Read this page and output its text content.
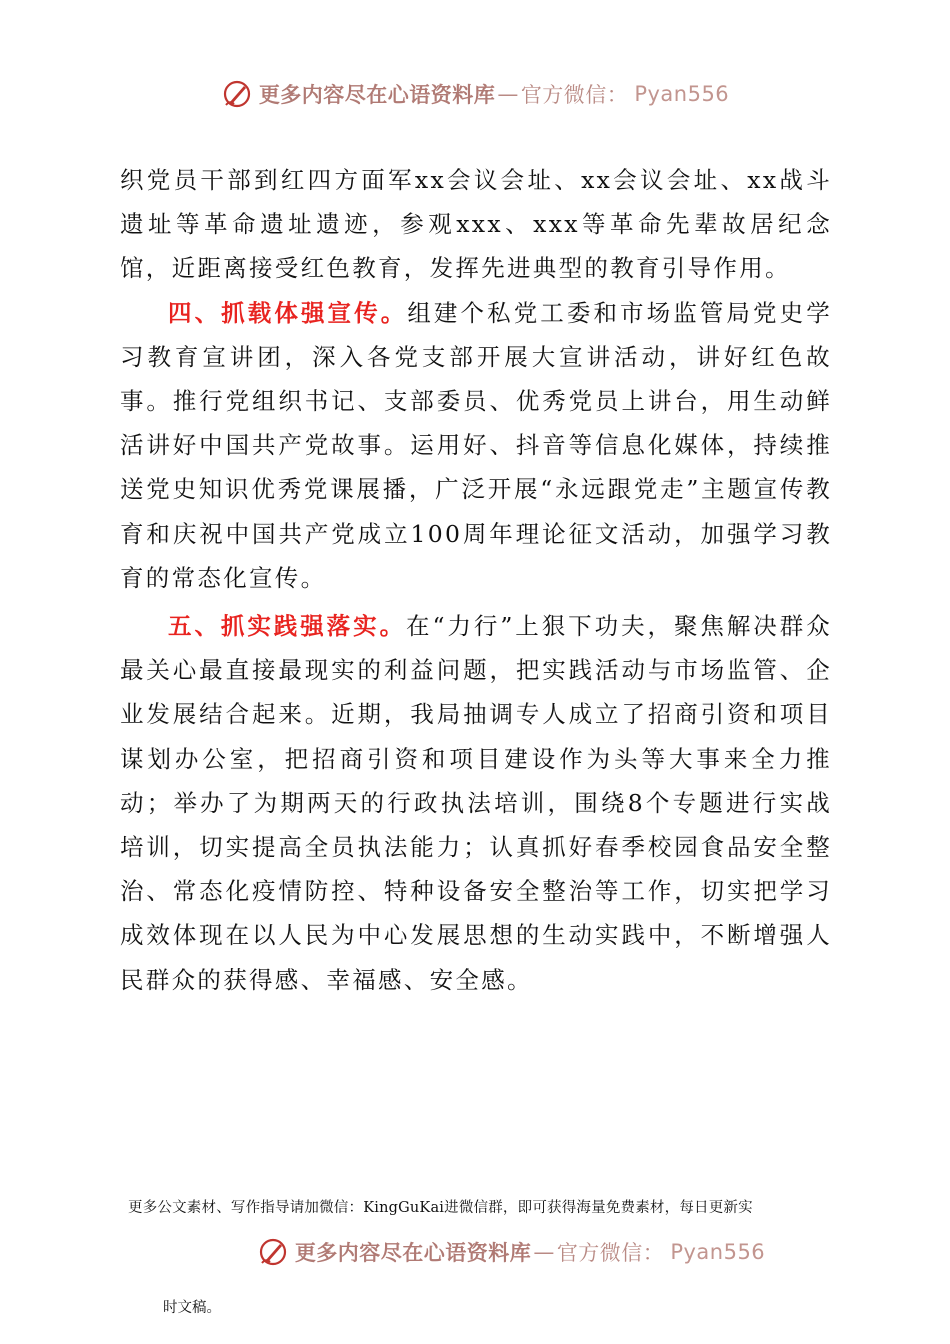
更多内容尽在心语资料库 — 官方微信： Pyan556

织党员干部到红四方面军xx会议会址、xx会议会址、xx战斗遗址等革命遗址遗迹，参观xxx、xxx等革命先辈故居纪念馆，近距离接受红色教育，发挥先进典型的教育引导作用。

四、抓载体强宣传。组建个私党工委和市场监管局党史学习教育宣讲团，深入各党支部开展大宣讲活动，讲好红色故事。推行党组织书记、支部委员、优秀党员上讲台，用生动鲜活讲好中国共产党故事。运用好、抖音等信息化媒体，持续推送党史知识优秀党课展播，广泛开展“永远跟党走”主题宣传教育和庆祝中国共产党成立100周年理论征文活动，加强学习教育的常态化宣传。

五、抓实践强落实。在“力行”上狠下功夫，聚焦解决群众最关心最直接最现实的利益问题，把实践活动与市场监管、企业发展结合起来。近期，我局抽调专人成立了招商引资和项目谋划办公室，把招商引资和项目建设作为头等大事来全力推动；举办了为期两天的行政执法培训，围绕8个专题进行实战培训，切实提高全员执法能力；认真抓好春季校园食品安全整治、常态化疫情防控、特种设备安全整治等工作，切实把学习成效体现在以人民为中心发展思想的生动实践中，不断增强人民群众的获得感、幸福感、安全感。

更多公文素材、写作指导请加微信：KingGuKai进微信群，即可获得海量免费素材，每日更新实
更多内容尽在心语资料库 — 官方微信： Pyan556
时文稿。
